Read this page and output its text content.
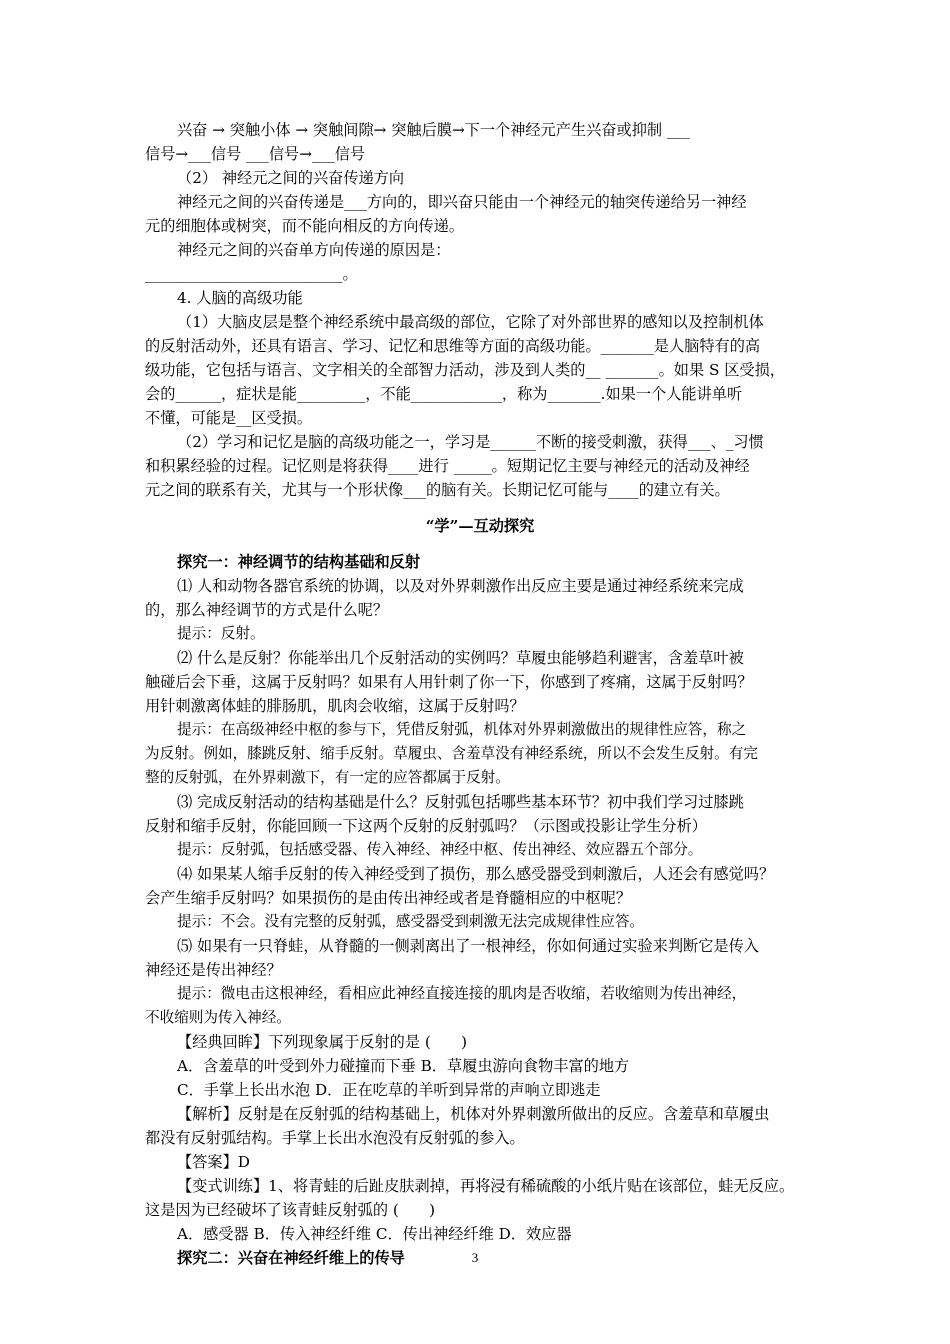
兴奋 → 突触小体 → 突触间隙→ 突触后膜→下一个神经元产生兴奋或抑制 ___
信号→___信号 ___信号→___信号
（2） 神经元之间的兴奋传递方向
神经元之间的兴奋传递是___方向的，即兴奋只能由一个神经元的轴突传递给另一神经
元的细胞体或树突，而不能向相反的方向传递。
神经元之间的兴奋单方向传递的原因是：
__________________________。
4. 人脑的高级功能
（1）大脑皮层是整个神经系统中最高级的部位，它除了对外部世界的感知以及控制机体
的反射活动外，还具有语言、学习、记忆和思维等方面的高级功能。_______是人脑特有的高
级功能，它包括与语言、文字相关的全部智力活动，涉及到人类的__ _______。如果 S 区受损，
会的______，症状是能_________，不能____________，称为_______.如果一个人能讲单听
不懂，可能是__区受损。
（2）学习和记忆是脑的高级功能之一，学习是______不断的接受刺激，获得___、_习惯
和积累经验的过程。记忆则是将获得____进行 _____。短期记忆主要与神经元的活动及神经
元之间的联系有关，尤其与一个形状像___的脑有关。长期记忆可能与____的建立有关。
“学”—互动探究
探究一：神经调节的结构基础和反射
⑴ 人和动物各器官系统的协调，以及对外界刺激作出反应主要是通过神经系统来完成
的，那么神经调节的方式是什么呢？
提示：反射。
⑵ 什么是反射？你能举出几个反射活动的实例吗？草履虫能够趋利避害，含羞草叶被
触碰后会下垂，这属于反射吗？如果有人用针刺了你一下，你感到了疼痛，这属于反射吗？
用针刺激离体蛙的腓肠肌，肌肉会收缩，这属于反射吗？
提示：在高级神经中枢的参与下，凭借反射弧，机体对外界刺激做出的规律性应答，称之
为反射。例如，膝跳反射、缩手反射。草履虫、含羞草没有神经系统，所以不会发生反射。有完
整的反射弧，在外界刺激下，有一定的应答都属于反射。
⑶ 完成反射活动的结构基础是什么？反射弧包括哪些基本环节？初中我们学习过膝跳
反射和缩手反射，你能回顾一下这两个反射的反射弧吗？（示图或投影让学生分析）
提示：反射弧，包括感受器、传入神经、神经中枢、传出神经、效应器五个部分。
⑷ 如果某人缩手反射的传入神经受到了损伤，那么感受器受到刺激后，人还会有感觉吗？
会产生缩手反射吗？如果损伤的是由传出神经或者是脊髓相应的中枢呢？
提示：不会。没有完整的反射弧，感受器受到刺激无法完成规律性应答。
⑸ 如果有一只脊蛙，从脊髓的一侧剥离出了一根神经，你如何通过实验来判断它是传入
神经还是传出神经？
提示：微电击这根神经，看相应此神经直接连接的肌肉是否收缩，若收缩则为传出神经，
不收缩则为传入神经。
【经典回眸】下列现象属于反射的是 (　　)
A．含羞草的叶受到外力碰撞而下垂 B．草履虫游向食物丰富的地方
C．手掌上长出水泡 D．正在吃草的羊听到异常的声响立即逃走
【解析】反射是在反射弧的结构基础上，机体对外界刺激所做出的反应。含羞草和草履虫
都没有反射弧结构。手掌上长出水泡没有反射弧的参入。
【答案】D
【变式训练】1、将青蛙的后趾皮肤剥掉，再将浸有稀硫酸的小纸片贴在该部位，蛙无反应。
这是因为已经破坏了该青蛙反射弧的 (　　)
A．感受器 B．传入神经纤维 C．传出神经纤维 D．效应器
探究二：兴奋在神经纤维上的传导	3
